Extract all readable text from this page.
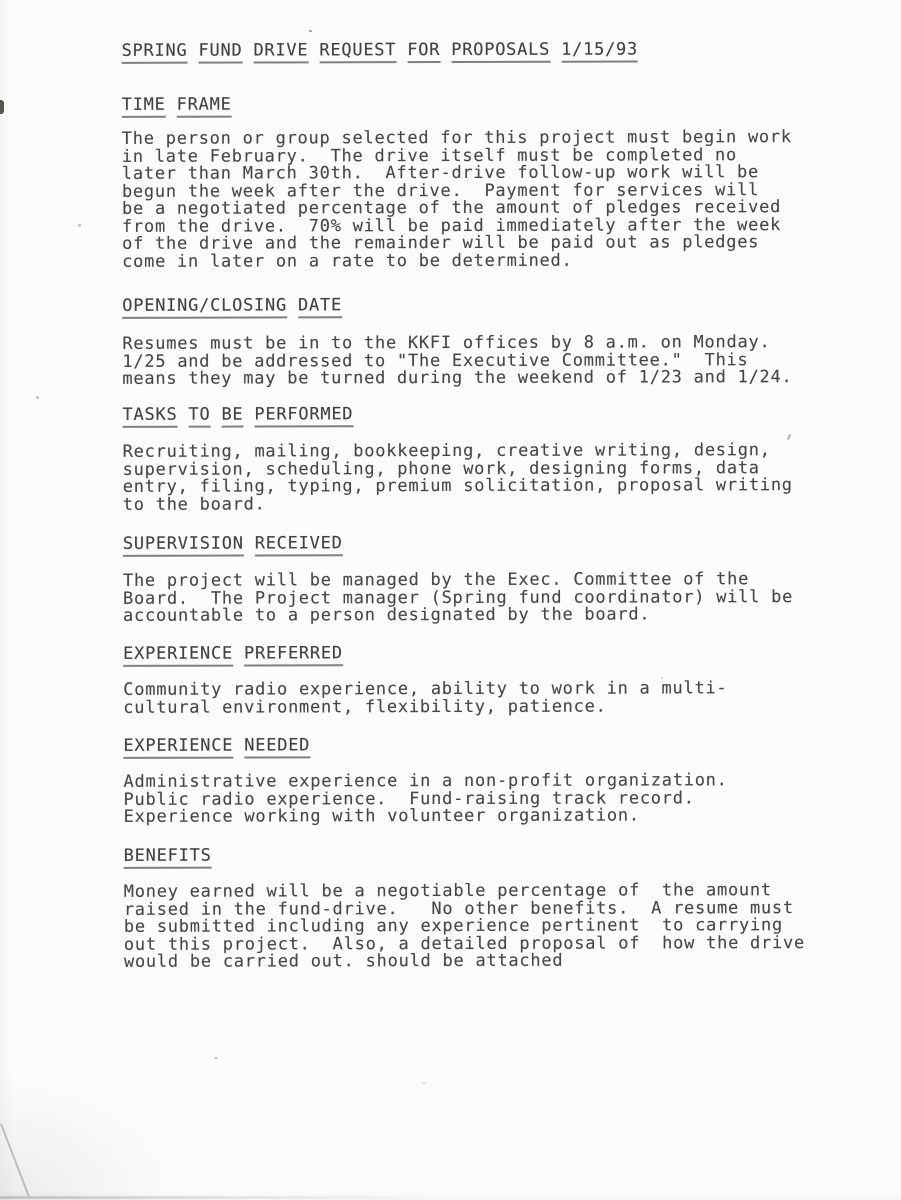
SPRING FUND DRIVE REQUEST FOR PROPOSALS 1/15/93
TIME FRAME

The person or group selected for this project must begin work
in late February.  The drive itself must be completed no
later than March 30th.  After-drive follow-up work will be
begun the week after the drive.  Payment for services will
be a negotiated percentage of the amount of pledges received
from the drive.  70% will be paid immediately after the week
of the drive and the remainder will be paid out as pledges
come in later on a rate to be determined.

OPENING/CLOSING DATE

Resumes must be in to the KKFI offices by 8 a.m. on Monday.
1/25 and be addressed to "The Executive Committee."  This
means they may be turned during the weekend of 1/23 and 1/24.

TASKS TO BE PERFORMED

Recruiting, mailing, bookkeeping, creative writing, design,
supervision, scheduling, phone work, designing forms, data
entry, filing, typing, premium solicitation, proposal writing
to the board.

SUPERVISION RECEIVED

The project will be managed by the Exec. Committee of the
Board.  The Project manager (Spring fund coordinator) will be
accountable to a person designated by the board.

EXPERIENCE PREFERRED

Community radio experience, ability to work in a multi-
cultural environment, flexibility, patience.

EXPERIENCE NEEDED

Administrative experience in a non-profit organization.
Public radio experience.  Fund-raising track record.
Experience working with volunteer organization.

BENEFITS

Money earned will be a negotiable percentage of  the amount
raised in the fund-drive.   No other benefits.  A resume must
be submitted including any experience pertinent  to carrying
out this project.  Also, a detailed proposal of  how the drive
would be carried out. should be attached
